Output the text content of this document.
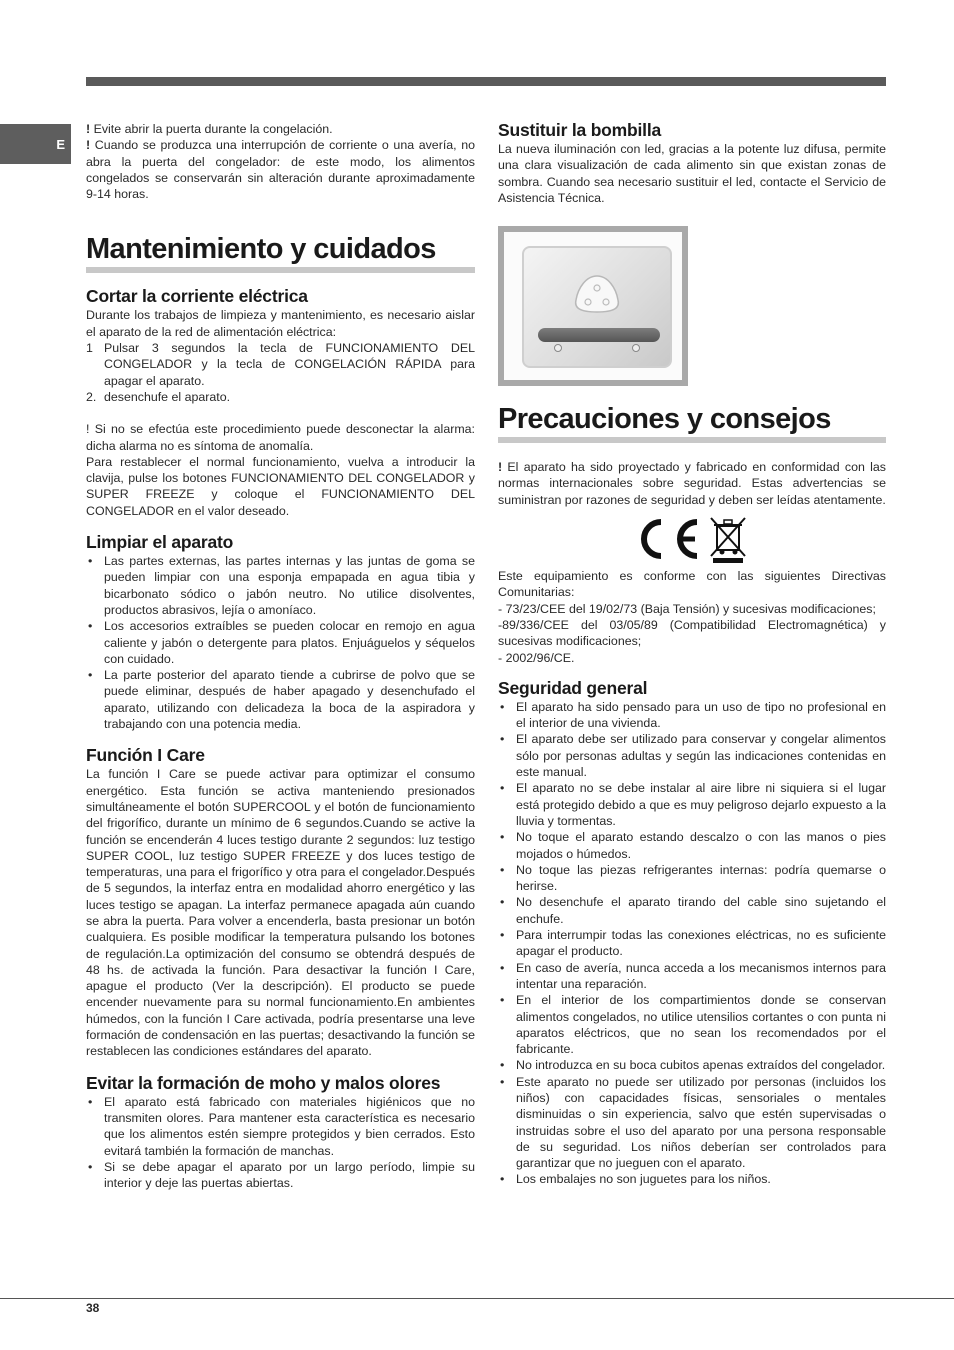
E

! Evite abrir la puerta durante la congelación.

! Cuando se produzca una interrupción de corriente o una avería, no abra la puerta del congelador: de este modo, los alimentos congelados se conservarán sin alteración durante aproximadamente 9-14 horas.

Mantenimiento y cuidados
Cortar la corriente eléctrica

Durante los trabajos de limpieza y mantenimiento, es necesario aislar el aparato de la red de alimentación eléctrica:

1 Pulsar 3 segundos la tecla de FUNCIONAMIENTO DEL CONGELADOR y la tecla de CONGELACIÓN RÁPIDA para apagar el aparato.
2. desenchufe el aparato.

! Si no se efectúa este procedimiento puede desconectar la alarma: dicha alarma no es síntoma de anomalía.

Para restablecer el normal funcionamiento, vuelva a introducir la clavija, pulse los botones FUNCIONAMIENTO DEL CONGELADOR y SUPER FREEZE y coloque el FUNCIONAMIENTO DEL CONGELADOR en el valor deseado.

Limpiar el aparato
• Las partes externas, las partes internas y las juntas de goma se pueden limpiar con una esponja empapada en agua tibia y bicarbonato sódico o jabón neutro. No utilice disolventes, productos abrasivos, lejía o amoníaco.
• Los accesorios extraíbles se pueden colocar en remojo en agua caliente y jabón o detergente para platos. Enjuáguelos y séquelos con cuidado.
• La parte posterior del aparato tiende a cubrirse de polvo que se puede eliminar, después de haber apagado y desenchufado el aparato, utilizando con delicadeza la boca de la aspiradora y trabajando con una potencia media.
Función I Care

La función I Care se puede activar para optimizar el consumo energético. Esta función se activa manteniendo presionados simultáneamente el botón SUPERCOOL y el botón de funcionamiento del frigorífico, durante un mínimo de 6 segundos.Cuando se active la función se encenderán 4 luces testigo durante 2 segundos: luz testigo SUPER COOL, luz testigo SUPER FREEZE y dos luces testigo de temperaturas, una para el frigorífico y otra para el congelador.Después de 5 segundos, la interfaz entra en modalidad ahorro energético y las luces testigo se apagan. La interfaz permanece apagada aún cuando se abra la puerta. Para volver a encenderla, basta presionar un botón cualquiera. Es posible modificar la temperatura pulsando los botones de regulación.La optimización del consumo se obtendrá después de 48 hs. de activada la función. Para desactivar la función I Care, apague el producto (Ver la descripción). El producto se puede encender nuevamente para su normal funcionamiento.En ambientes húmedos, con la función I Care activada, podría presentarse una leve formación de condensación en las puertas; desactivando la función se restablecen las condiciones estándares del aparato.

Evitar la formación de moho y malos olores
• El aparato está fabricado con materiales higiénicos que no transmiten olores. Para mantener esta característica es necesario que los alimentos estén siempre protegidos y bien cerrados. Esto evitará también la formación de manchas.
• Si se debe apagar el aparato por un largo período, limpie su interior y deje las puertas abiertas.
Sustituir la bombilla

La nueva iluminación con led, gracias a la potente luz difusa, permite una clara visualización de cada alimento sin que existan zonas de sombra. Cuando sea necesario sustituir el led, contacte el Servicio de Asistencia Técnica.

Precauciones y consejos

! El aparato ha sido proyectado y fabricado en conformidad con las normas internacionales sobre seguridad. Estas advertencias se suministran por razones de seguridad y deben ser leídas atentamente.

Este equipamiento es conforme con las siguientes Directivas Comunitarias:

- 73/23/CEE del 19/02/73 (Baja Tensión) y sucesivas modificaciones;

-89/336/CEE del 03/05/89 (Compatibilidad Electromagnética) y sucesivas modificaciones;

- 2002/96/CE.

Seguridad general
• El aparato ha sido pensado para un uso de tipo no profesional en el interior de una vivienda.
• El aparato debe ser utilizado para conservar y congelar alimentos sólo por personas adultas y según las indicaciones contenidas en este manual.
• El aparato no se debe instalar al aire libre ni siquiera si el lugar está protegido debido a que es muy peligroso dejarlo expuesto a la lluvia y tormentas.
• No toque el aparato estando descalzo o con las manos o pies mojados o húmedos.
• No toque las piezas refrigerantes internas: podría quemarse o herirse.
• No desenchufe el aparato tirando del cable sino sujetando el enchufe.
• Para interrumpir todas las conexiones eléctricas, no es suficiente apagar el producto.
• En caso de avería, nunca acceda a los mecanismos internos para intentar una reparación.
• En el interior de los compartimientos donde se conservan alimentos congelados, no utilice utensilios cortantes o con punta ni aparatos eléctricos, que no sean los recomendados por el fabricante.
• No introduzca en su boca cubitos apenas extraídos del congelador.
• Este aparato no puede ser utilizado por personas (incluidos los niños) con capacidades físicas, sensoriales o mentales disminuidas o sin experiencia, salvo que estén supervisadas o instruidas sobre el uso del aparato por una persona responsable de su seguridad. Los niños deberían ser controlados para garantizar que no jueguen con el aparato.
• Los embalajes no son juguetes para los niños.
38
